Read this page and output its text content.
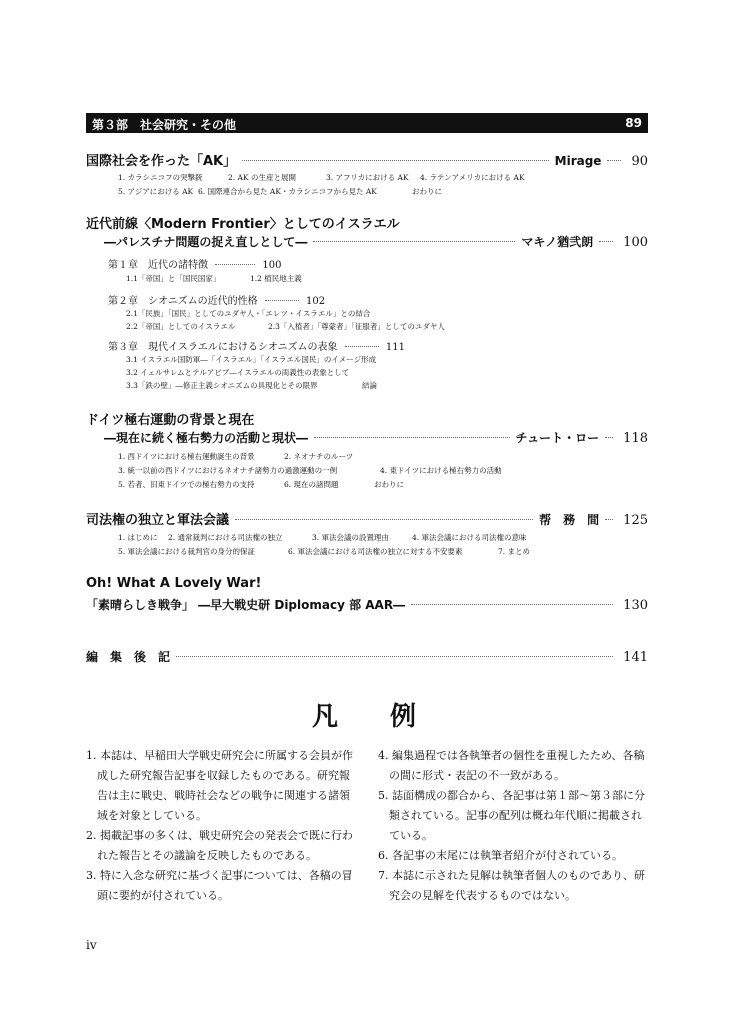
第３部　社会研究・その他	89
国際社会を作った「AK」	Mirage 90
1. カラシニコフの突撃銃	2. AK の生産と展開	3. アフリカにおける AK 4. ラテンアメリカにおける AK
5. アジアにおける AK 6. 国際連合から見た AK・カラシニコフから見た AK	おわりに
近代前線〈Modern Frontier〉としてのイスラエル
―パレスチナ問題の捉え直しとして―	マキノ猶弐朗 100
第１章　近代の諸特徴	100
1.1「帝国」と「国民国家」	1.2 植民地主義
第２章　シオニズムの近代的性格	102
2.1「民族」「国民」としてのユダヤ人・「エレツ・イスラエル」との結合
2.2「帝国」としてのイスラエル	2.3「入植者」「尊蒙者」「征服者」としてのユダヤ人
第３章　現代イスラエルにおけるシオニズムの表象	111
3.1 イスラエル国防軍―「イスラエル」「イスラエル国民」のイメージ形成
3.2 イェルサレムとテルアビブ―イスラエルの両義性の表象として
3.3「鉄の壁」―修正主義シオニズムの具現化とその限界	結論
ドイツ極右運動の背景と現在
―現在に続く極右勢力の活動と現状―	チュート・ロー 118
1. 西ドイツにおける極右運動誕生の背景	2. ネオナチのルーツ
3. 統一以前の西ドイツにおけるネオナチ諸勢力の過激運動の一例	4. 東ドイツにおける極右勢力の活動
5. 若者、旧東ドイツでの極右勢力の支持	6. 現在の諸問題	おわりに
司法権の独立と軍法会議	帮　務　間 125
1. はじめに 2. 通常裁判における司法権の独立	3. 軍法会議の設置理由	4. 軍法会議における司法権の意味
5. 軍法会議における裁判官の身分的保証	6. 軍法会議における司法権の独立に対する不安要素	7. まとめ
Oh! What A Lovely War!
「素晴らしき戦争」 ―早大戦史研 Diplomacy 部 AAR―	130
編　集　後　記	141
凡例
1. 本誌は、早稲田大学戦史研究会に所属する会員が作
　成した研究報告記事を収録したものである。研究報
　告は主に戦史、戦時社会などの戦争に関連する諸領
　域を対象としている。
2. 掲載記事の多くは、戦史研究会の発表会で既に行わ
　れた報告とその議論を反映したものである。
3. 特に入念な研究に基づく記事については、各稿の冒
　頭に要約が付されている。
4. 編集過程では各執筆者の個性を重視したため、各稿
　の間に形式・表記の不一致がある。
5. 誌面構成の都合から、各記事は第１部〜第３部に分
　類されている。記事の配列は概ね年代順に掲載され
　ている。
6. 各記事の末尾には執筆者紹介が付されている。
7. 本誌に示された見解は執筆者個人のものであり、研
　究会の見解を代表するものではない。
iv
